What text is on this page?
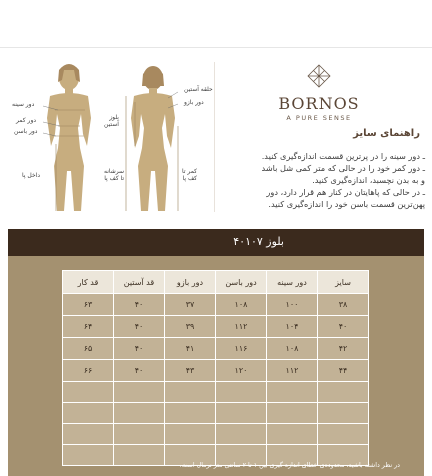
دور سینه
دور کمر
دور باسن
داخل پا
حلقه آستین
دور بازو
بلوز
آستین
سرشانه
تا کف پا
کمر تا
کف پا
BORNOS
A PURE SENSE
راهنمای سایز

ـ دور سینه را در پرترین قسمت اندازه‌گیری کنید.

ـ دور کمر خود را در حالی که متر کمی شل باشد

و به بدن نچسبد، اندازه‌گیری کنید.

ـ در حالی که پاهایتان در کنار هم قرار دارد، دور

پهن‌ترین قسمت باسن خود را اندازه‌گیری کنید.

بلوز ۴۰۱۰۷
قد کار	قد آستین	دور بازو	دور باسن	دور سینه	سایز
۶۳	۴۰	۳۷	۱۰۸	۱۰۰	۳۸
۶۴	۴۰	۳۹	۱۱۲	۱۰۴	۴۰
۶۵	۴۰	۴۱	۱۱۶	۱۰۸	۴۲
۶۶	۴۰	۴۳	۱۲۰	۱۱۲	۴۴

در نظر داشته باشید، محدوده‌ی خطای اندازه گیری بین ۱ تا ۲ سانتی متر نرمال است.
